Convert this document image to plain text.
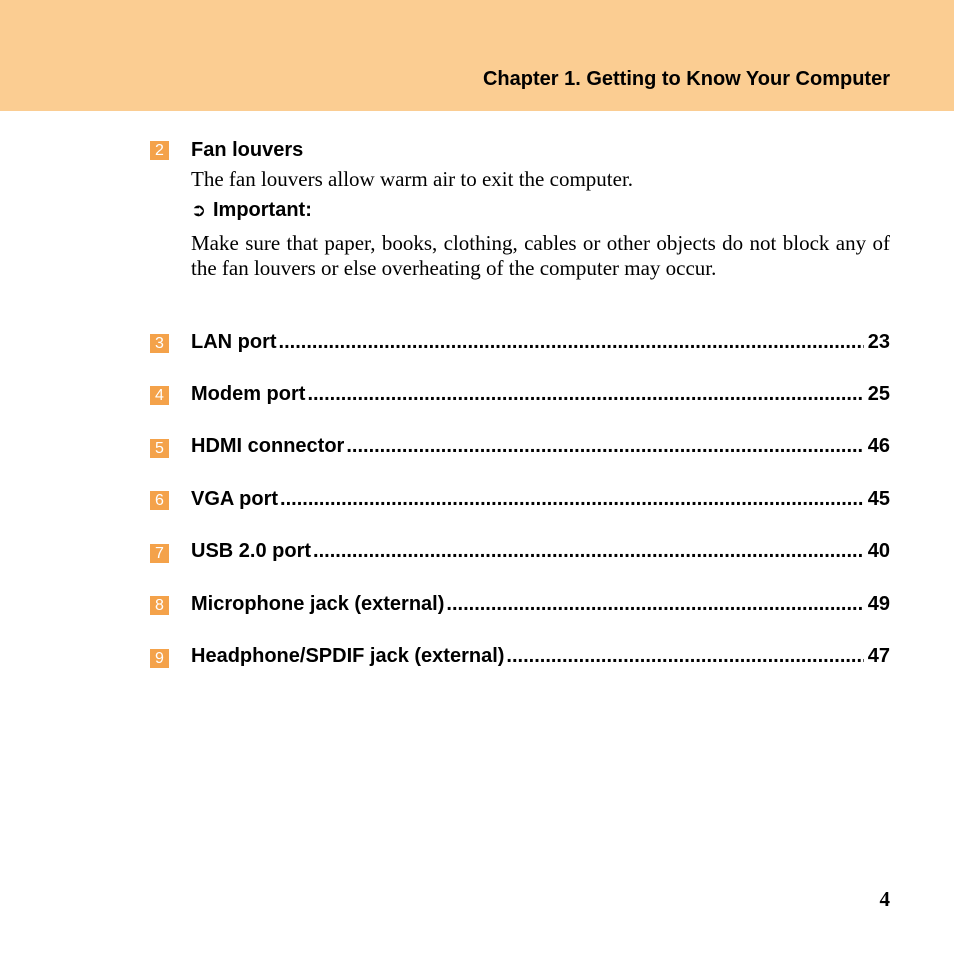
Chapter 1. Getting to Know Your Computer
2 Fan louvers
The fan louvers allow warm air to exit the computer.
➲ Important:
Make sure that paper, books, clothing, cables or other objects do not block any of the fan louvers or else overheating of the computer may occur.
3 LAN port .....	23
4 Modem port .....	25
5 HDMI connector .....	46
6 VGA port .....	45
7 USB 2.0 port .....	40
8 Microphone jack (external) .....	49
9 Headphone/SPDIF jack (external) .....	47
4
